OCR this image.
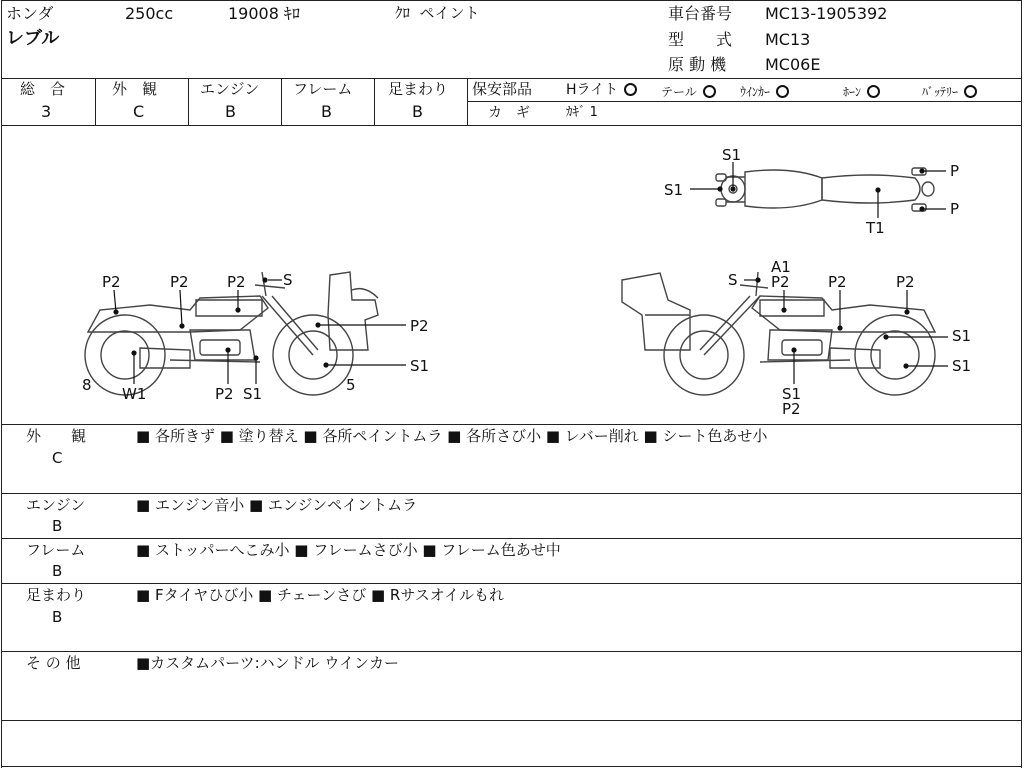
ホンダ	250cc	19008 ｷﾛ	ｸﾛ  ペイント
レブル
車台番号 MC13-1905392
型　　式 MC13
原 動 機 MC06E
総　合
3
外　観
C
エンジン
B
フレーム
B
足まわり
B
保安部品 Hライト	テール	ｳｲﾝｶｰ	ﾎｰﾝ	ﾊﾞｯﾃﾘｰ
カ　ギ	ｶｷﾞ 1
S1
S1
P
P
T1
P2	P2	P2 S
P2
S1
P2 S1
W1
8	5
S
A1
P2	P2	P2
S1
S1
S1
P2
外　　観
C
■ 各所きず ■ 塗り替え ■ 各所ペイントムラ ■ 各所さび小 ■ レバー削れ ■ シート色あせ小
エンジン
B
■ エンジン音小 ■ エンジンペイントムラ
フレーム
B
■ ストッパーへこみ小 ■ フレームさび小 ■ フレーム色あせ中
足まわり
B
■ Fタイヤひび小 ■ チェーンさび ■ Rサスオイルもれ
そ の 他	■カスタムパーツ:ハンドル ウインカー
